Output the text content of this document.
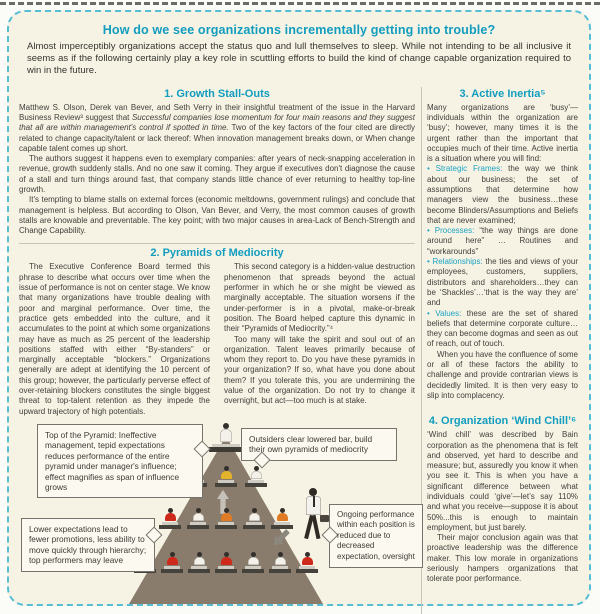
How do we see organizations incrementally getting into trouble?
Almost imperceptibly organizations accept the status quo and lull themselves to sleep. While not intending to be all inclusive it seems as if the following certainly play a key role in scuttling efforts to build the kind of change capable organization required to win in the future.
1. Growth Stall-Outs

Matthew S. Olson, Derek van Bever, and Seth Verry in their insightful treatment of the issue in the Harvard Business Review³ suggest that Successful companies lose momentum for four main reasons and they suggest that all are within management's control if spotted in time. Two of the key factors of the four cited are directly related to change capacity/talent or lack thereof: When innovation management breaks down, or When change capable talent comes up short.

The authors suggest it happens even to exemplary companies: after years of neck-snapping acceleration in revenue, growth suddenly stalls. And no one saw it coming. They argue if executives don't diagnose the cause of a stall and turn things around fast, that company stands little chance of ever returning to healthy top-line growth.

It's tempting to blame stalls on external forces (economic meltdowns, government rulings) and conclude that management is helpless. But according to Olson, Van Bever, and Verry, the most common causes of growth stalls are knowable and preventable. The key point; with two major causes in area-Lack of Bench-Strength and Change Capability.

2. Pyramids of Mediocrity

The Executive Conference Board termed this phrase to describe what occurs over time when the issue of performance is not on center stage. We know that many organizations have trouble dealing with poor and marginal performance. Over time, the practice gets embedded into the culture, and it accumulates to the point at which some organizations may have as much as 25 percent of the leadership positions staffed with either “By-standers” or marginally acceptable “blockers.” Organizations generally are adept at identifying the 10 percent of this group; however, the particularly perverse effect of over-retaining blockers constitutes the single biggest threat to top-talent retention as they impede the upward trajectory of high potentials.

This second category is a hidden-value destruction phenomenon that spreads beyond the actual performer in which he or she might be viewed as marginally acceptable. The situation worsens if the under-performer is in a pivotal, make-or-break position. The Board helped capture this dynamic in their “Pyramids of Mediocrity.”⁴

Too many will take the spirit and soul out of an organization. Talent leaves primarily because of whom they report to. Do you have these pyramids in your organization? If so, what have you done about them? If you tolerate this, you are undermining the value of the organization. Do not try to change it overnight, but act—too much is at stake.

Top of the Pyramid: Ineffective management, tepid expectations reduces performance of the entire pyramid under manager's influence; effect magnifies as span of influence grows
Lower expectations lead to fewer promotions, less ability to move quickly through hierarchy; top performers may leave
Outsiders clear lowered bar, build their own pyramids of mediocrity
Ongoing performance within each position is reduced due to decreased expectation, oversight
3. Active Inertia⁵

Many organizations are ‘busy’—individuals within the organization are ‘busy’; however, many times it is the urgent rather than the important that occupies much of their time. Active inertia is a situation where you will find:

• Strategic Frames: the way we think about our business; the set of assumptions that determine how managers view the business…these become Blinders/Assumptions and Beliefs that are never examined;

• Processes: “the way things are done around here” … Routines and “workarounds”

• Relationships: the ties and views of your employees, customers, suppliers, distributors and shareholders…they can be ‘Shackles’…‘that is the way they are’ and

• Values: these are the set of shared beliefs that determine corporate culture…they can become dogmas and seen as out of reach, out of touch.

When you have the confluence of some or all of these factors the ability to challenge and provide contrarian views is decidedly limited. It is then very easy to slip into complacency.

4. Organization ‘Wind Chill’⁶

‘Wind chill’ was described by Bain corporation as the phenomena that is felt and observed, yet hard to describe and measure; but, assuredly you know it when you see it. This is when you have a significant difference between what individuals could ‘give’—let’s say 110% and what you receive—suppose it is about 50%...this is enough to maintain employment, but just barely.

Their major conclusion again was that proactive leadership was the difference maker. This low morale in organizations seriously hampers organizations that tolerate poor performance.
